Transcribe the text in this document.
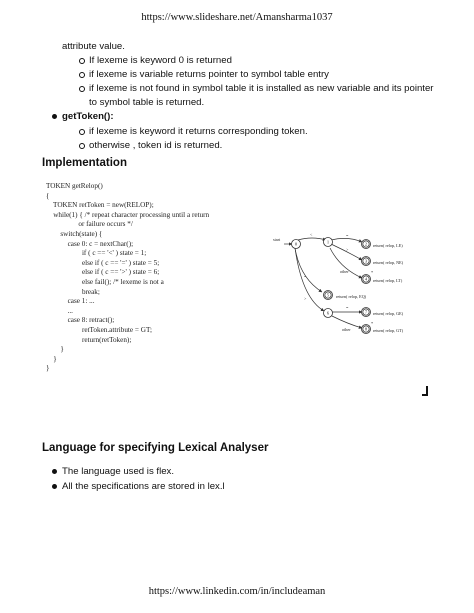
https://www.slideshare.net/Amansharma1037
attribute value.
If lexeme is keyword 0 is returned
if lexeme is variable returns pointer to symbol table entry
if lexeme is not found in symbol table it is installed as new variable and its pointer
to symbol table is returned.
getToken():
if lexeme is keyword it returns corresponding token.
otherwise , token id is returned.
Implementation
TOKEN getRelop()
{
TOKEN retToken = new(RELOP);
while(1) { /* repeat character processing until a return
or failure occurs */
switch(state) {
case 0: c = nextChar();
if ( c == '<' ) state = 1;
else if ( c == '=' ) state = 5;
else if ( c == '>' ) state = 6;
else fail(); /* lexeme is not a
break;
case 1: ...
...
case 8: retract();
retToken.attribute = GT;
return(retToken);
}
}
}

0	1	2
3
4
5
6	7
8
start
<	=
>
other
=
=
>
other
return( relop, LE)
return( relop, NE)
return( relop, LT)
return( relop, EQ)
return( relop, GE)
return( relop, GT)
*
*
Language for specifying Lexical Analyser
The language used is flex.
All the specifications are stored in lex.l
https://www.linkedin.com/in/includeaman
